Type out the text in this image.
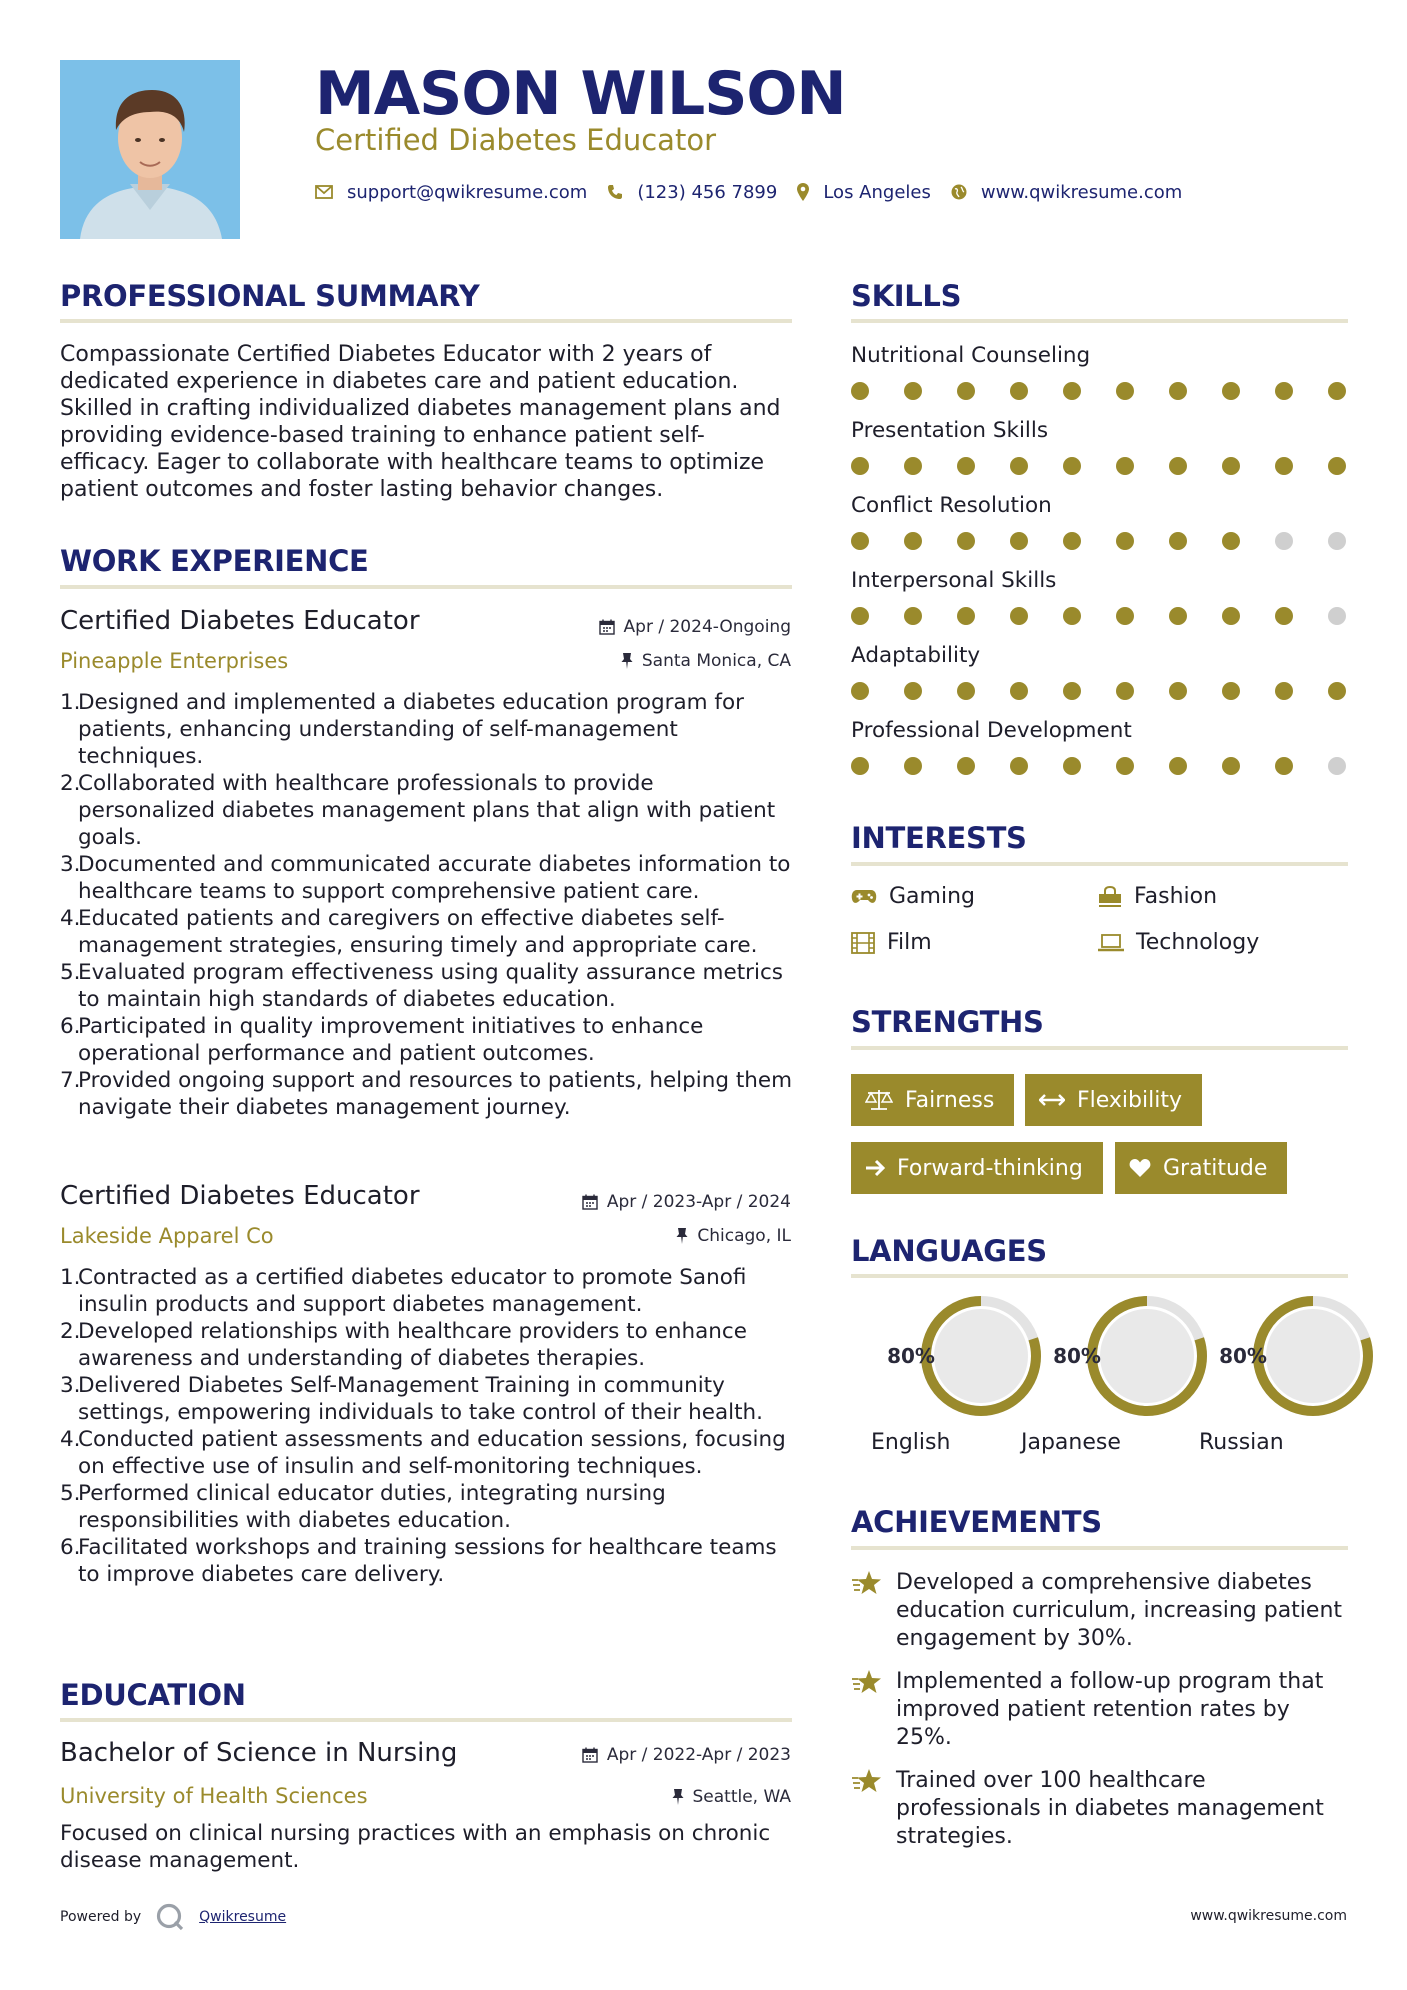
MASON WILSON
Certified Diabetes Educator
support@qwikresume.com	(123) 456 7899	Los Angeles	www.qwikresume.com
PROFESSIONAL SUMMARY
Compassionate Certified Diabetes Educator with 2 years of dedicated experience in diabetes care and patient education. Skilled in crafting individualized diabetes management plans and providing evidence-based training to enhance patient self-efficacy. Eager to collaborate with healthcare teams to optimize patient outcomes and foster lasting behavior changes.
WORK EXPERIENCE
Certified Diabetes Educator	Apr / 2024-Ongoing
Pineapple Enterprises	Santa Monica, CA
1.
Designed and implemented a diabetes education program for patients, enhancing understanding of self-management techniques.
2.
Collaborated with healthcare professionals to provide personalized diabetes management plans that align with patient goals.
3.
Documented and communicated accurate diabetes information to healthcare teams to support comprehensive patient care.
4.
Educated patients and caregivers on effective diabetes self-management strategies, ensuring timely and appropriate care.
5.
Evaluated program effectiveness using quality assurance metrics to maintain high standards of diabetes education.
6.
Participated in quality improvement initiatives to enhance operational performance and patient outcomes.
7.
Provided ongoing support and resources to patients, helping them navigate their diabetes management journey.
Certified Diabetes Educator	Apr / 2023-Apr / 2024
Lakeside Apparel Co	Chicago, IL
1.
Contracted as a certified diabetes educator to promote Sanofi insulin products and support diabetes management.
2.
Developed relationships with healthcare providers to enhance awareness and understanding of diabetes therapies.
3.
Delivered Diabetes Self-Management Training in community settings, empowering individuals to take control of their health.
4.
Conducted patient assessments and education sessions, focusing on effective use of insulin and self-monitoring techniques.
5.
Performed clinical educator duties, integrating nursing responsibilities with diabetes education.
6.
Facilitated workshops and training sessions for healthcare teams to improve diabetes care delivery.
EDUCATION
Bachelor of Science in Nursing	Apr / 2022-Apr / 2023
University of Health Sciences	Seattle, WA
Focused on clinical nursing practices with an emphasis on chronic disease management.
SKILLS
Nutritional Counseling
Presentation Skills
Conflict Resolution
Interpersonal Skills
Adaptability
Professional Development
INTERESTS
Gaming	Fashion
Film	Technology
STRENGTHS
Fairness	Flexibility
Forward-thinking	Gratitude
LANGUAGES
80%
English
80%
Japanese
80%
Russian
ACHIEVEMENTS
Developed a comprehensive diabetes education curriculum, increasing patient engagement by 30%.
Implemented a follow-up program that improved patient retention rates by 25%.
Trained over 100 healthcare professionals in diabetes management strategies.
Powered by	Qwikresume	www.qwikresume.com
